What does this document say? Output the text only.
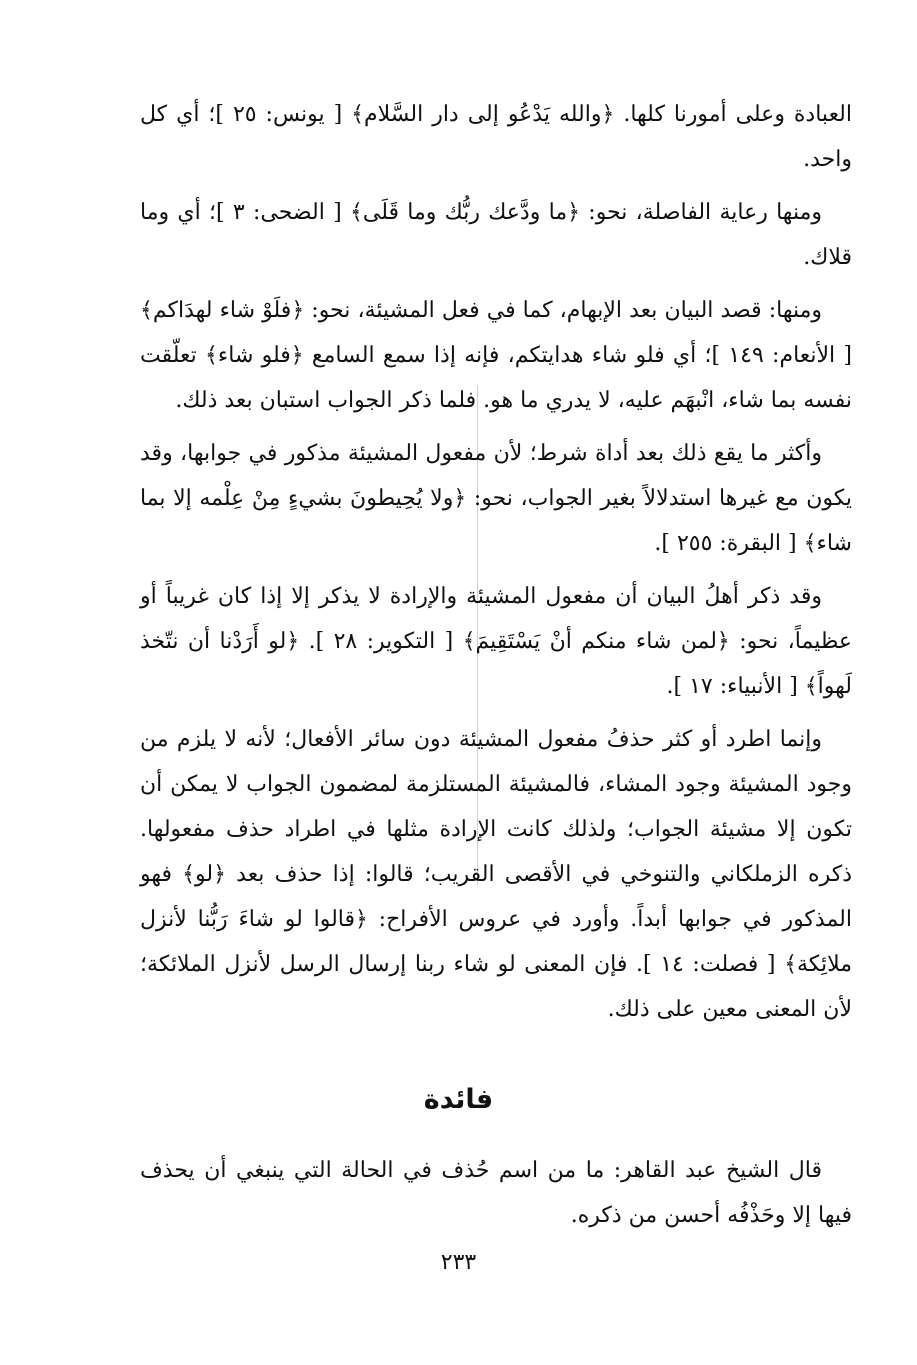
العبادة وعلى أمورنا كلها. ﴿والله يَدْعُو إلى دار السَّلام﴾ [ يونس: ٢٥ ]؛ أي كل واحد.

ومنها رعاية الفاصلة، نحو: ﴿ما ودَّعك ربُّك وما قَلَى﴾ [ الضحى: ٣ ]؛ أي وما قلاك.

ومنها: قصد البيان بعد الإبهام، كما في فعل المشيئة، نحو: ﴿فلَوْ شاء لهدَاكم﴾ [ الأنعام: ١٤٩ ]؛ أي فلو شاء هدايتكم، فإنه إذا سمع السامع ﴿فلو شاء﴾ تعلّقت نفسه بما شاء، انْبهَم عليه، لا يدري ما هو. فلما ذكر الجواب استبان بعد ذلك.

وأكثر ما يقع ذلك بعد أداة شرط؛ لأن مفعول المشيئة مذكور في جوابها، وقد يكون مع غيرها استدلالاً بغير الجواب، نحو: ﴿ولا يُحِيطونَ بشيءٍ مِنْ عِلْمه إلا بما شاء﴾ [ البقرة: ٢٥٥ ].

وقد ذكر أهلُ البيان أن مفعول المشيئة والإرادة لا يذكر إلا إذا كان غريباً أو عظيماً، نحو: ﴿لمن شاء منكم أنْ يَسْتَقِيمَ﴾ [ التكوير: ٢٨ ]. ﴿لو أَرَدْنا أن نتّخذ لَهواً﴾ [ الأنبياء: ١٧ ].

وإنما اطرد أو كثر حذفُ مفعول المشيئة دون سائر الأفعال؛ لأنه لا يلزم من وجود المشيئة وجود المشاء، فالمشيئة المستلزمة لمضمون الجواب لا يمكن أن تكون إلا مشيئة الجواب؛ ولذلك كانت الإرادة مثلها في اطراد حذف مفعولها. ذكره الزملكاني والتنوخي في الأقصى القريب؛ قالوا: إذا حذف بعد ﴿لو﴾ فهو المذكور في جوابها أبداً. وأورد في عروس الأفراح: ﴿قالوا لو شاءَ رَبُّنا لأنزل ملائِكة﴾ [ فصلت: ١٤ ]. فإن المعنى لو شاء ربنا إرسال الرسل لأنزل الملائكة؛ لأن المعنى معين على ذلك.

فائدة

قال الشيخ عبد القاهر: ما من اسم حُذف في الحالة التي ينبغي أن يحذف فيها إلا وحَذْفُه أحسن من ذكره.

٢٣٣
